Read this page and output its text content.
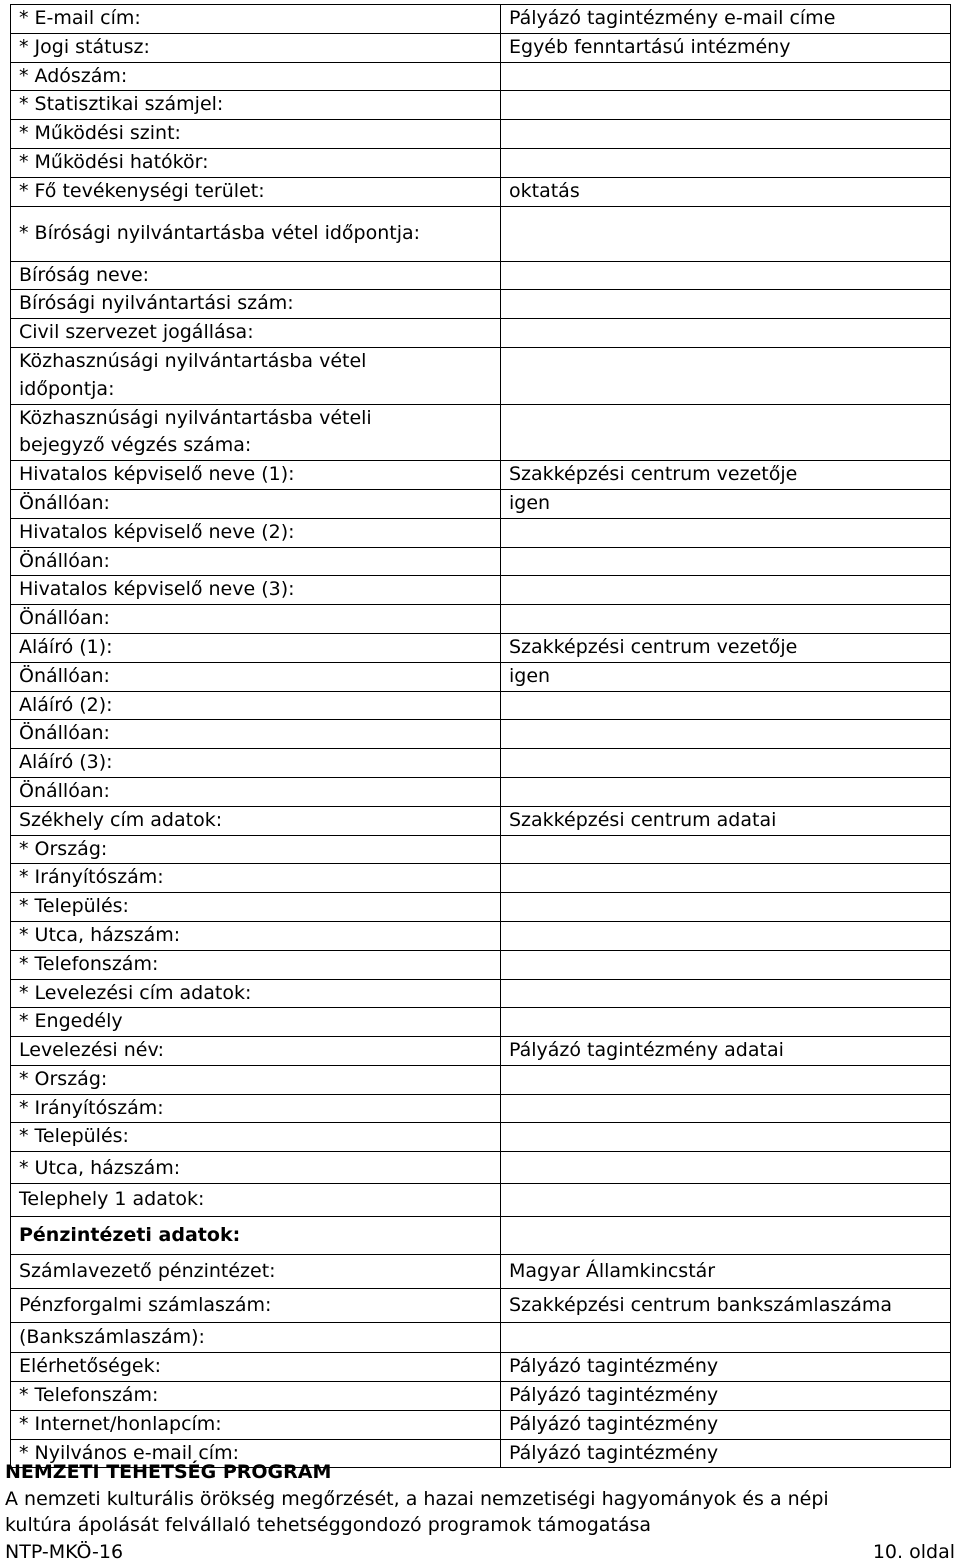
* E-mail cím:	Pályázó tagintézmény e-mail címe

* Jogi státusz:	Egyéb fenntartású intézmény

* Adószám:	

* Statisztikai számjel:	

* Működési szint:	

* Működési hatókör:	

* Fő tevékenységi terület:	oktatás

* Bírósági nyilvántartásba vétel időpontja:	

Bíróság neve:	

Bírósági nyilvántartási szám:	

Civil szervezet jogállása:	

Közhasznúsági nyilvántartásba vétel
időpontja:	

Közhasznúsági nyilvántartásba vételi
bejegyző végzés száma:	

Hivatalos képviselő neve (1):	Szakképzési centrum vezetője

Önállóan:	igen

Hivatalos képviselő neve (2):	

Önállóan:	

Hivatalos képviselő neve (3):	

Önállóan:	

Aláíró (1):	Szakképzési centrum vezetője

Önállóan:	igen

Aláíró (2):	

Önállóan:	

Aláíró (3):	

Önállóan:	

Székhely cím adatok:	Szakképzési centrum adatai

* Ország:	

* Irányítószám:	

* Település:	

* Utca, házszám:	

* Telefonszám:	

* Levelezési cím adatok:	

* Engedély	

Levelezési név:	Pályázó tagintézmény adatai

* Ország:	

* Irányítószám:	

* Település:	

* Utca, házszám:	

Telephely 1 adatok:	

Pénzintézeti adatok:	

Számlavezető pénzintézet:	Magyar Államkincstár

Pénzforgalmi számlaszám:	Szakképzési centrum bankszámlaszáma

(Bankszámlaszám):	

Elérhetőségek:	Pályázó tagintézmény

* Telefonszám:	Pályázó tagintézmény

* Internet/honlapcím:	Pályázó tagintézmény

* Nyilvános e-mail cím:	Pályázó tagintézmény
NEMZETI TEHETSÉG PROGRAM
A nemzeti kulturális örökség megőrzését, a hazai nemzetiségi hagyományok és a népi
kultúra ápolását felvállaló tehetséggondozó programok támogatása
NTP-MKÖ-16	10. oldal
